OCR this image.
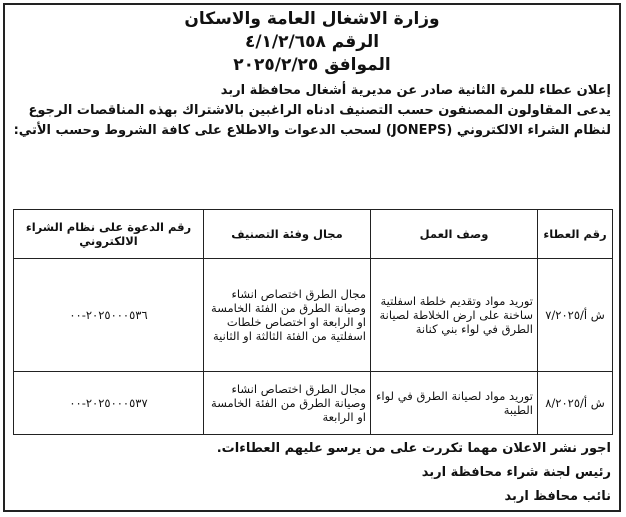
وزارة الاشغال العامة والاسكان
الرقم ٤/١/٢/٦٥٨
الموافق ٢٠٢٥/٢/٢٥
إعلان عطاء للمرة الثانية صادر عن مديرية أشغال محافظة اربد
يدعى المقاولون المصنفون حسب التصنيف ادناه الراغبين بالاشتراك بهذه المناقصات الرجوع لنظام الشراء الالكتروني (JONEPS) لسحب الدعوات والاطلاع على كافة الشروط وحسب الأتي:
رقم العطاء	وصف العمل	مجال وفئة التصنيف	رقم الدعوة على نظام الشراء الالكتروني
ش أ/٧/٢٠٢٥	توريد مواد وتقديم خلطة اسفلتية ساخنة على ارض الخلاطة لصيانة الطرق في لواء بني كنانة	مجال الطرق اختصاص انشاء وصيانة الطرق من الفئة الخامسة او الرابعة او اختصاص خلطات اسفلتية من الفئة الثالثة او الثانية	٢٠٢٥٠٠٠٥٣٦-٠٠
ش أ/٨/٢٠٢٥	توريد مواد لصيانة الطرق في لواء الطيبة	مجال الطرق اختصاص انشاء وصيانة الطرق من الفئة الخامسة او الرابعة	٢٠٢٥٠٠٠٥٣٧-٠٠
اجور نشر الاعلان مهما تكررت على من يرسو عليهم العطاءات.
رئيس لجنة شراء محافظة اربد
نائب محافظ اربد
